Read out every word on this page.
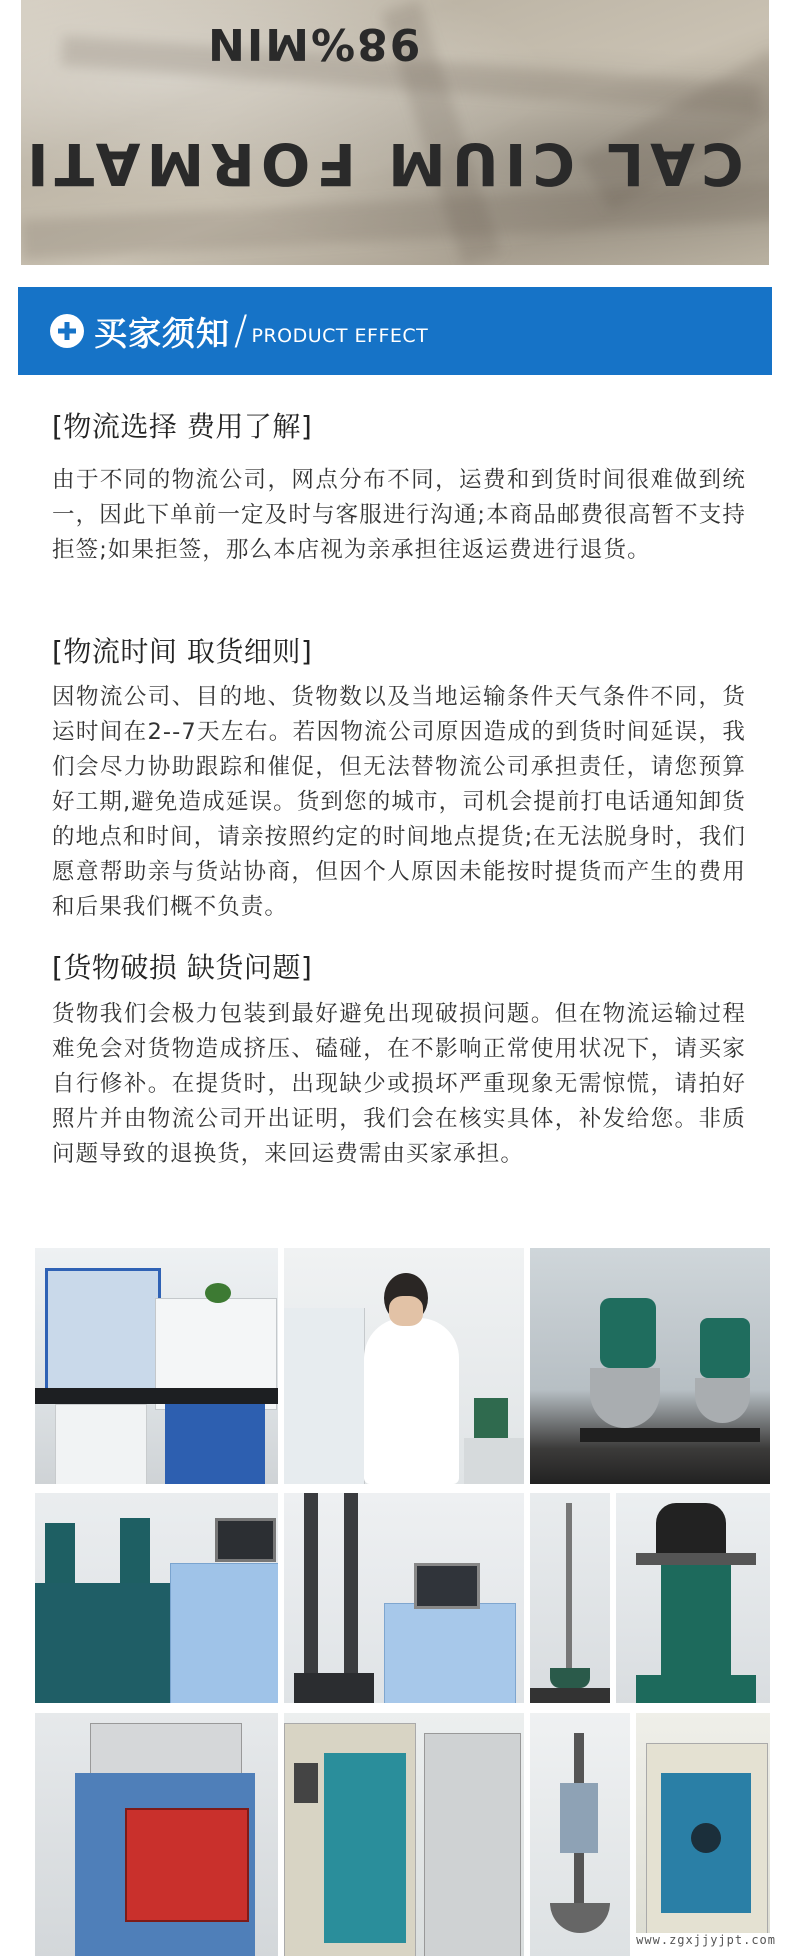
98%MIN
CAL CIUM FORMATI
买家须知 / PRODUCT EFFECT
[物流选择 费用了解]

由于不同的物流公司，网点分布不同，运费和到货时间很难做到统一，因此下单前一定及时与客服进行沟通;本商品邮费很高暂不支持拒签;如果拒签，那么本店视为亲承担往返运费进行退货。

[物流时间 取货细则]

因物流公司、目的地、货物数以及当地运输条件天气条件不同，货运时间在2--7天左右。若因物流公司原因造成的到货时间延误，我们会尽力协助跟踪和催促，但无法替物流公司承担责任，请您预算好工期,避免造成延误。货到您的城市，司机会提前打电话通知卸货的地点和时间，请亲按照约定的时间地点提货;在无法脱身时，我们愿意帮助亲与货站协商，但因个人原因未能按时提货而产生的费用和后果我们概不负责。

[货物破损 缺货问题]

货物我们会极力包装到最好避免出现破损问题。但在物流运输过程难免会对货物造成挤压、磕碰，在不影响正常使用状况下，请买家自行修补。在提货时，出现缺少或损坏严重现象无需惊慌，请拍好照片并由物流公司开出证明，我们会在核实具体，补发给您。非质问题导致的退换货，来回运费需由买家承担。

www.zgxjjyjpt.com
